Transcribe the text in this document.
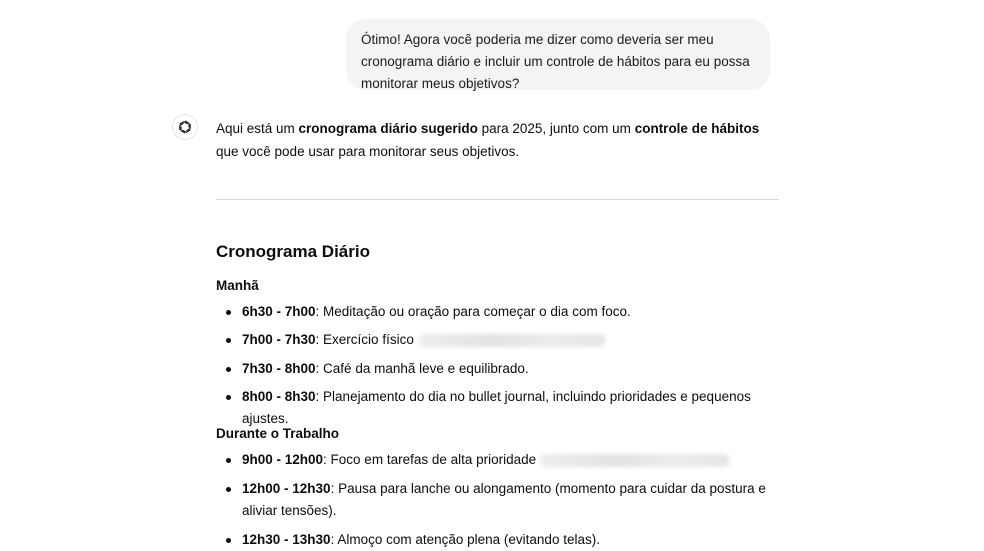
Ótimo! Agora você poderia me dizer como deveria ser meu cronograma diário e incluir um controle de hábitos para eu possa monitorar meus objetivos?
Aqui está um cronograma diário sugerido para 2025, junto com um controle de hábitos que você pode usar para monitorar seus objetivos.
Cronograma Diário
Manhã
6h30 - 7h00: Meditação ou oração para começar o dia com foco.
7h00 - 7h30: Exercício físico
7h30 - 8h00: Café da manhã leve e equilibrado.
8h00 - 8h30: Planejamento do dia no bullet journal, incluindo prioridades e pequenos ajustes.
Durante o Trabalho
9h00 - 12h00: Foco em tarefas de alta prioridade
12h00 - 12h30: Pausa para lanche ou alongamento (momento para cuidar da postura e aliviar tensões).
12h30 - 13h30: Almoço com atenção plena (evitando telas).
